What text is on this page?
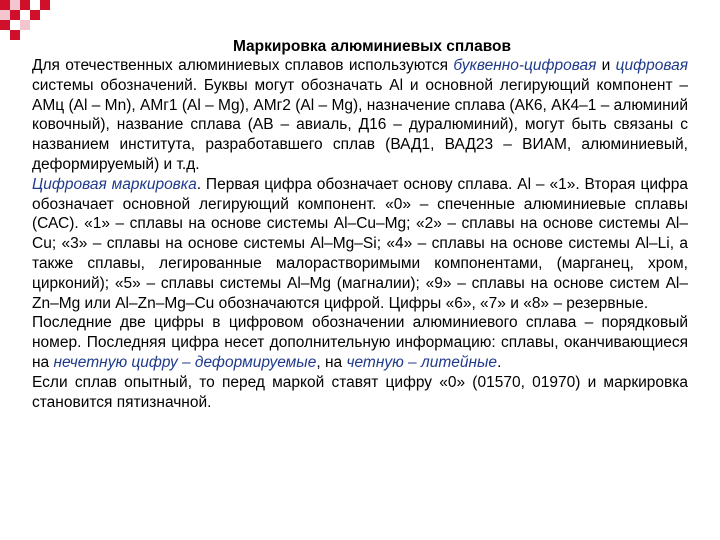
Маркировка алюминиевых сплавов

Для отечественных алюминиевых сплавов используются буквенно-цифровая и цифровая системы обозначений. Буквы могут обозначать Al и основной легирующий компонент – АМц (Al – Mn), АМг1 (Al – Mg), АМг2 (Al – Mg), назначение сплава (АК6, АК4–1 – алюминий ковочный), название сплава (АВ – авиаль, Д16 – дуралюминий), могут быть связаны с названием института, разработавшего сплав (ВАД1, ВАД23 – ВИАМ, алюминиевый, деформируемый) и т.д.

Цифровая маркировка. Первая цифра обозначает основу сплава. Al – «1». Вторая цифра обозначает основной легирующий компонент. «0» – спеченные алюминиевые сплавы (САС). «1» – сплавы на основе системы Al–Cu–Mg; «2» – сплавы на основе системы Al–Cu; «3» – сплавы на основе системы Al–Mg–Si; «4» – сплавы на основе системы Al–Li, а также сплавы, легированные малорастворимыми компонентами, (марганец, хром, цирконий); «5» – сплавы системы Al–Mg (магналии); «9» – сплавы на основе систем Al–Zn–Mg или Al–Zn–Mg–Cu обозначаются цифрой. Цифры «6», «7» и «8» – резервные.

Последние две цифры в цифровом обозначении алюминиевого сплава – порядковый номер. Последняя цифра несет дополнительную информацию: сплавы, оканчивающиеся на нечетную цифру – деформируемые, на четную – литейные.

Если сплав опытный, то перед маркой ставят цифру «0» (01570, 01970) и маркировка становится пятизначной.
